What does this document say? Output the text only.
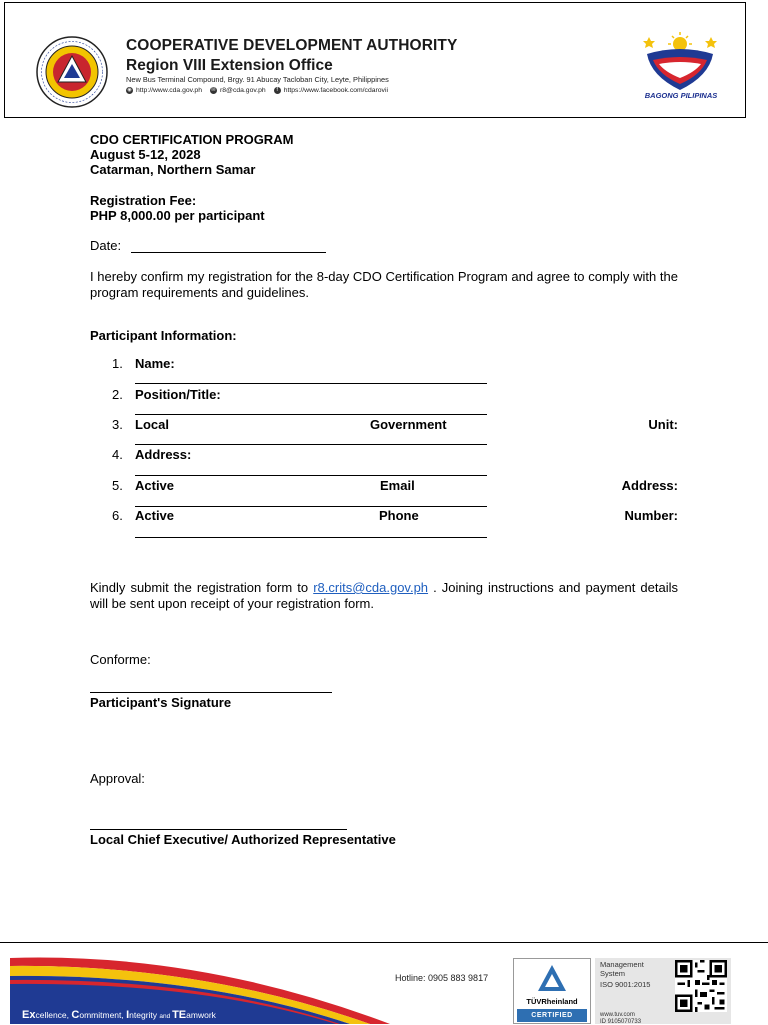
COOPERATIVE DEVELOPMENT AUTHORITY
Region VIII Extension Office
New Bus Terminal Compound, Brgy. 91 Abucay Tacloban City, Leyte, Philippines
◉ http://www.cda.gov.ph ✉ r8@cda.gov.ph	f https://www.facebook.com/cdarovii
BAGONG PILIPINAS
CDO CERTIFICATION PROGRAM
August 5-12, 2028
Catarman, Northern Samar
Registration Fee:
PHP 8,000.00 per participant
Date:
I hereby confirm my registration for the 8-day CDO Certification Program and agree to comply with the program requirements and guidelines.
Participant Information:
1. Name:
2. Position/Title:
3. Local	Government	Unit:
4. Address:
5. Active	Email	Address:
6. Active	Phone	Number:
Kindly submit the registration form to r8.crits@cda.gov.ph . Joining instructions and payment details will be sent upon receipt of your registration form.
Conforme:
Participant's Signature
Approval:
Local Chief Executive/ Authorized Representative
Excellence, Commitment, Integrity and TEamwork
Hotline: 0905 883 9817
TÜVRheinland
CERTIFIED
Management
System
ISO 9001:2015
www.tuv.com
ID 9105070733
